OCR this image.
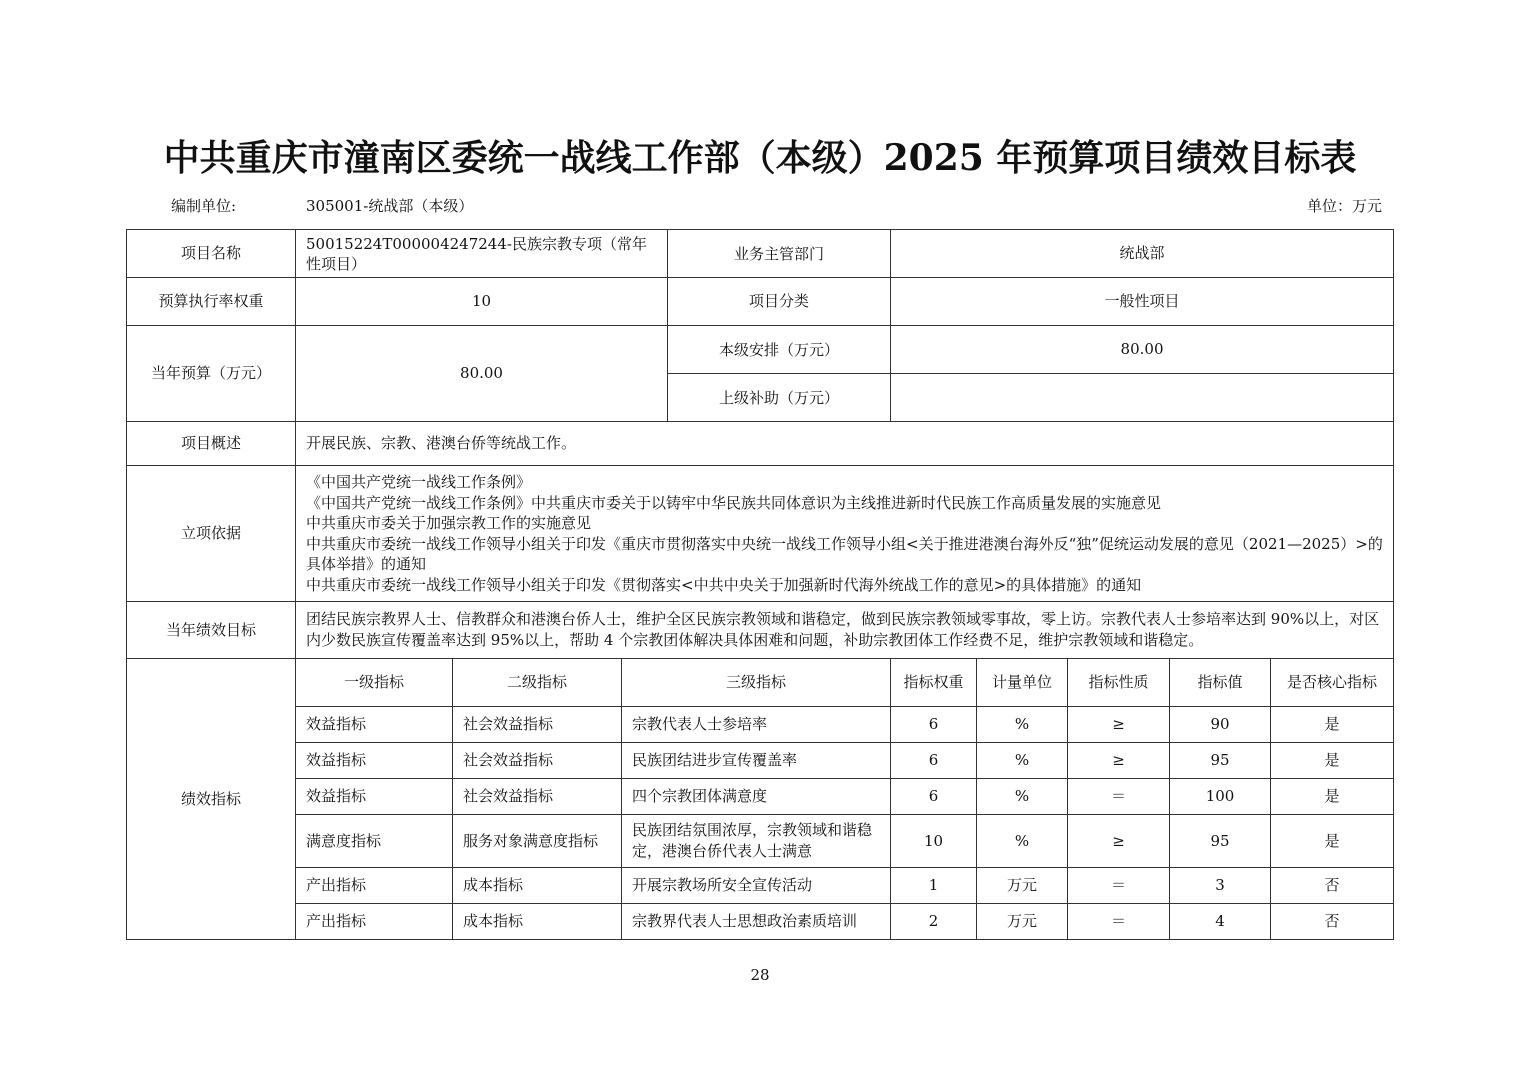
中共重庆市潼南区委统一战线工作部（本级）2025 年预算项目绩效目标表
编制单位:	305001-统战部（本级）	单位：万元
项目名称	50015224T000004247244-民族宗教专项（常年性项目）			业务主管部门	统战部				
预算执行率权重	10			项目分类	一般性项目				
当年预算（万元）	80.00			本级安排（万元）	80.00				
				上级补助（万元）					
项目概述	开展民族、宗教、港澳台侨等统战工作。								
立项依据	《中国共产党统一战线工作条例》
《中国共产党统一战线工作条例》中共重庆市委关于以铸牢中华民族共同体意识为主线推进新时代民族工作高质量发展的实施意见
中共重庆市委关于加强宗教工作的实施意见
中共重庆市委统一战线工作领导小组关于印发《重庆市贯彻落实中央统一战线工作领导小组<关于推进港澳台海外反“独”促统运动发展的意见（2021—2025）>的具体举措》的通知
中共重庆市委统一战线工作领导小组关于印发《贯彻落实<中共中央关于加强新时代海外统战工作的意见>的具体措施》的通知								

当年绩效目标	团结民族宗教界人士、信教群众和港澳台侨人士，维护全区民族宗教领域和谐稳定，做到民族宗教领域零事故，零上访。宗教代表人士参培率达到 90%以上，对区内少数民族宣传覆盖率达到 95%以上，帮助 4 个宗教团体解决具体困难和问题，补助宗教团体工作经费不足，维护宗教领域和谐稳定。								
绩效指标	一级指标	二级指标	三级指标		指标权重	计量单位	指标性质	指标值	是否核心指标
	效益指标	社会效益指标	宗教代表人士参培率		6	%	≥	90	是
	效益指标	社会效益指标	民族团结进步宣传覆盖率		6	%	≥	95	是
	效益指标	社会效益指标	四个宗教团体满意度		6	%	＝	100	是
	满意度指标	服务对象满意度指标	民族团结氛围浓厚，宗教领域和谐稳定，港澳台侨代表人士满意		10	%	≥	95	是
	产出指标	成本指标	开展宗教场所安全宣传活动		1	万元	＝	3	否
	产出指标	成本指标	宗教界代表人士思想政治素质培训		2	万元	＝	4	否
28
